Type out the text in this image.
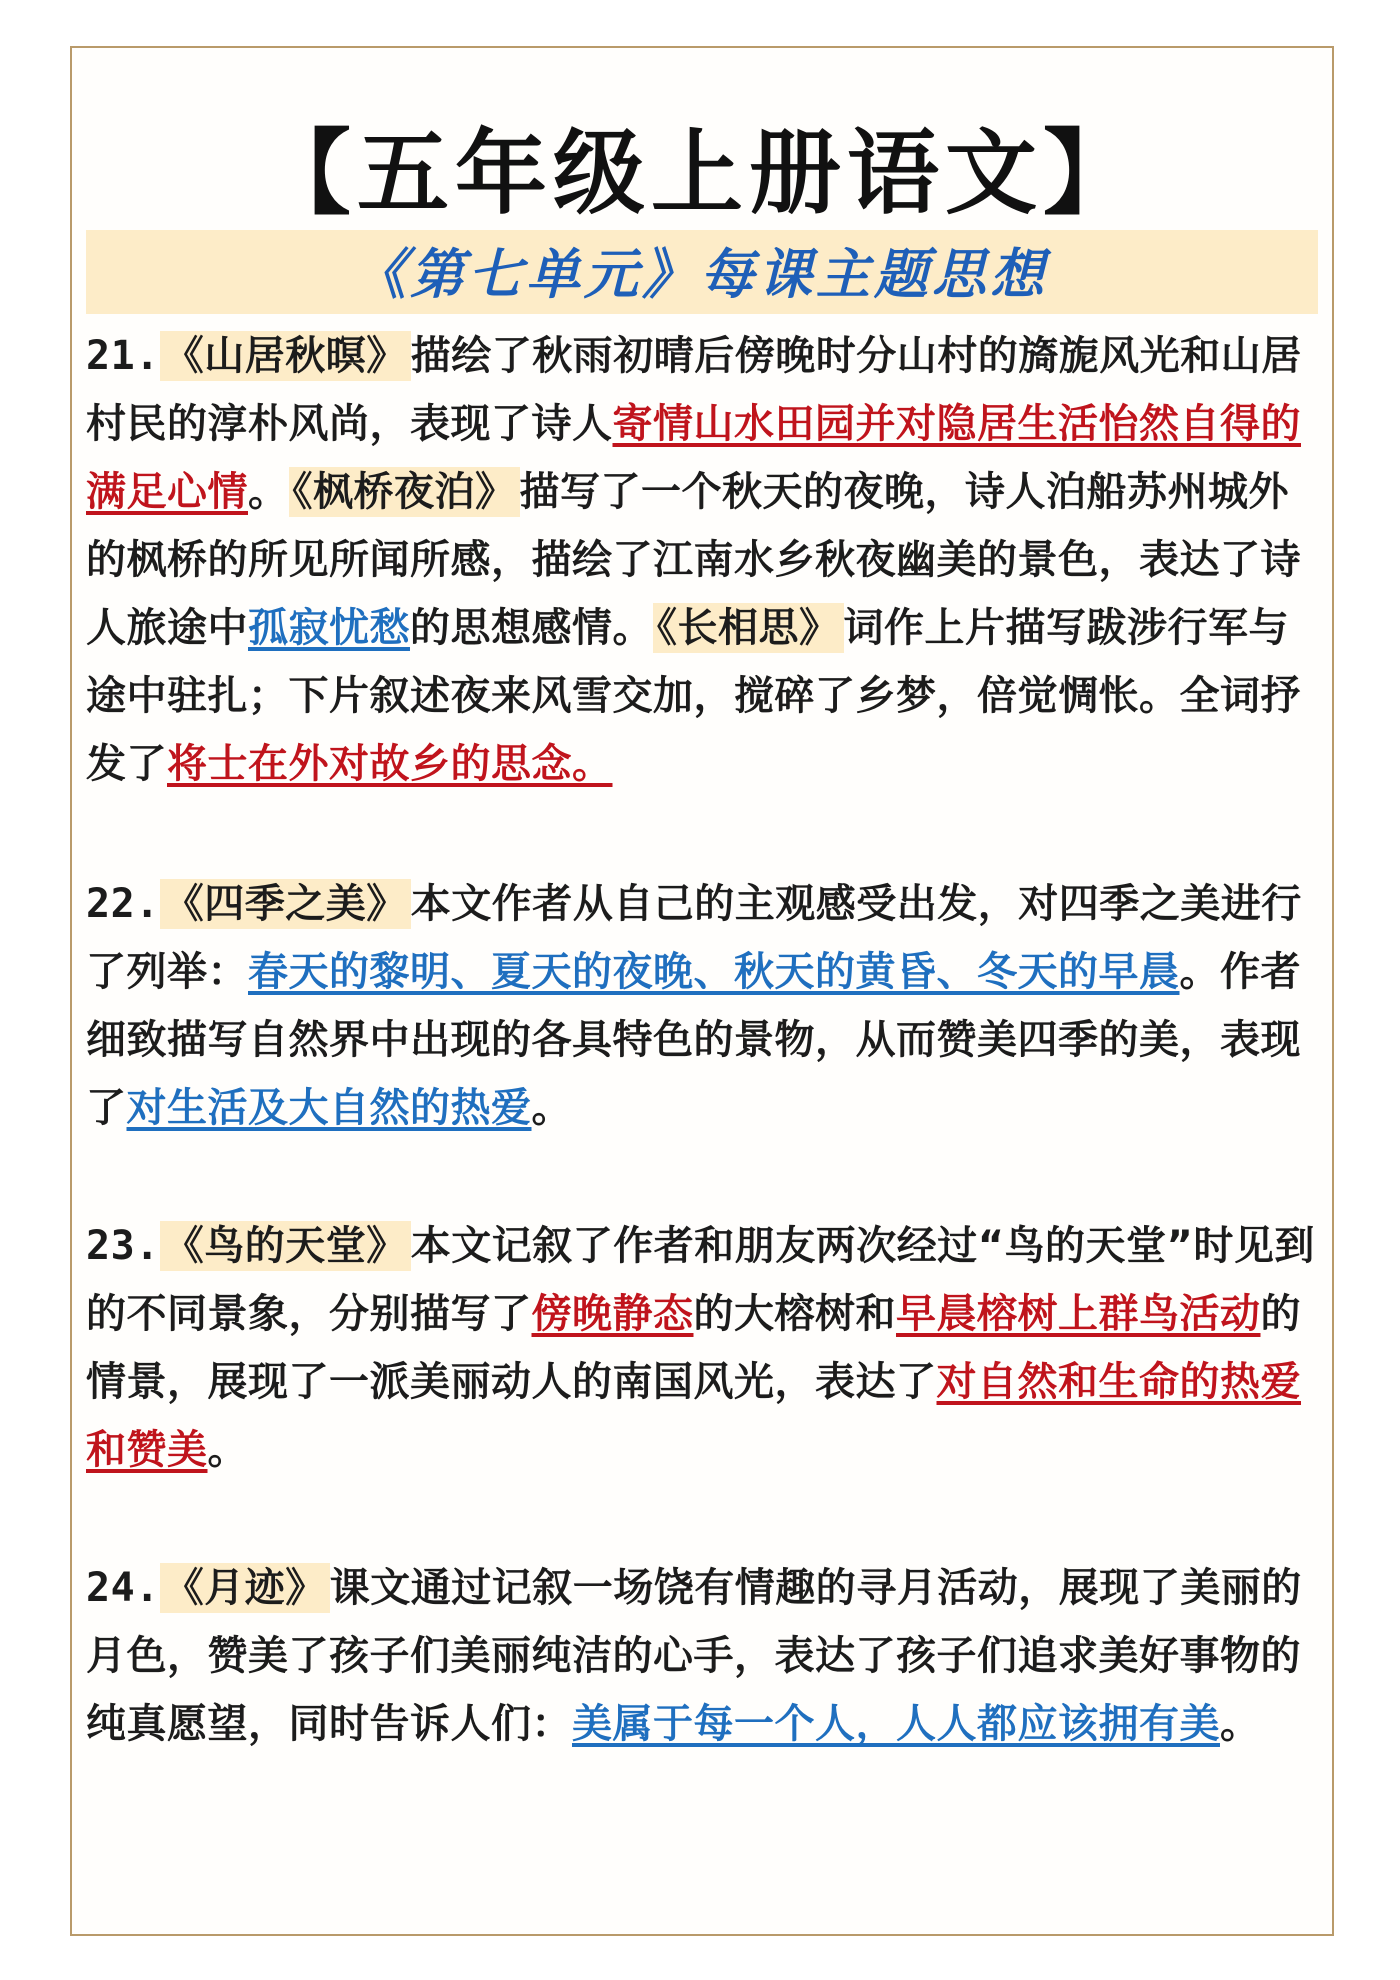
【五年级上册语文】
《第七单元》每课主题思想
21. 《山居秋暝》 描绘了秋雨初晴后傍晚时分山村的旖旎风光和山居村民的淳朴风尚，表现了诗人寄情山水田园并对隐居生活怡然自得的满足心情。 《枫桥夜泊》 描写了一个秋天的夜晚，诗人泊船苏州城外的枫桥的所见所闻所感，描绘了江南水乡秋夜幽美的景色，表达了诗人旅途中孤寂忧愁的思想感情。 《长相思》 词作上片描写跋涉行军与途中驻扎；下片叙述夜来风雪交加，搅碎了乡梦，倍觉惆怅。全词抒发了将士在外对故乡的思念。
22. 《四季之美》 本文作者从自己的主观感受出发，对四季之美进行了列举：春天的黎明、夏天的夜晚、秋天的黄昏、冬天的早晨。作者细致描写自然界中出现的各具特色的景物，从而赞美四季的美，表现了对生活及大自然的热爱。
23. 《鸟的天堂》 本文记叙了作者和朋友两次经过“鸟的天堂”时见到的不同景象，分别描写了傍晚静态的大榕树和早晨榕树上群鸟活动的情景，展现了一派美丽动人的南国风光，表达了对自然和生命的热爱和赞美。
24. 《月迹》 课文通过记叙一场饶有情趣的寻月活动，展现了美丽的月色，赞美了孩子们美丽纯洁的心手，表达了孩子们追求美好事物的纯真愿望，同时告诉人们：美属于每一个人，人人都应该拥有美。
